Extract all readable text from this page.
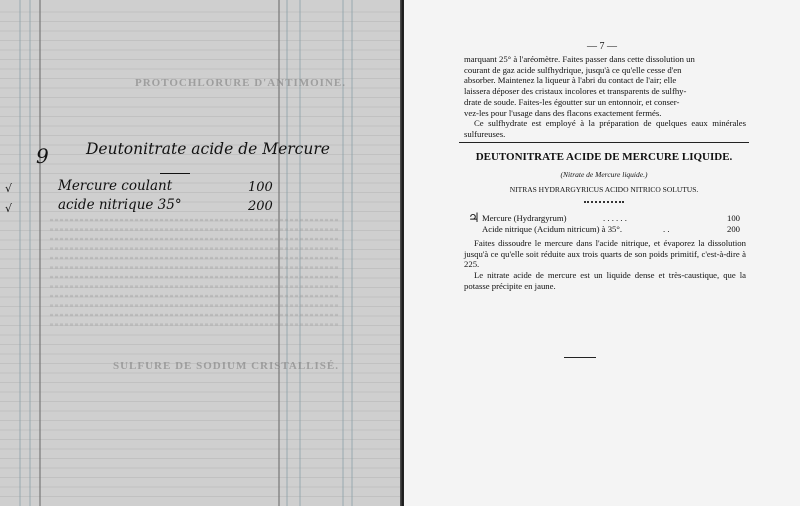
PROTOCHLORURE D'ANTIMOINE.
SULFURE DE SODIUM CRISTALLISÉ.
9 Deutonitrate acide de Mercure
√	Mercure coulant	100
√	acide nitrique 35°	200
— 7 —
marquant 25° à l'aréomètre. Faites passer dans cette dissolution un
courant de gaz acide sulfhydrique, jusqu'à ce qu'elle cesse d'en
absorber. Maintenez la liqueur à l'abri du contact de l'air; elle
laissera déposer des cristaux incolores et transparents de sulfhy-
drate de soude. Faites-les égoutter sur un entonnoir, et conser-
vez-les pour l'usage dans des flacons exactement fermés.
Ce sulfhydrate est employé à la préparation de quelques eaux minérales sulfureuses.
DEUTONITRATE ACIDE DE MERCURE LIQUIDE.
(Nitrate de Mercure liquide.)
NITRAS HYDRARGYRICUS ACIDO NITRICO SOLUTUS.
♃ Mercure (Hydrargyrum)	. . . . . .	100
Acide nitrique (Acidum nitricum) à 35°.	. .	200
Faites dissoudre le mercure dans l'acide nitrique, et évaporez la dissolution jusqu'à ce qu'elle soit réduite aux trois quarts de son poids primitif, c'est-à-dire à 225.
Le nitrate acide de mercure est un liquide dense et très-caustique, que la potasse précipite en jaune.
